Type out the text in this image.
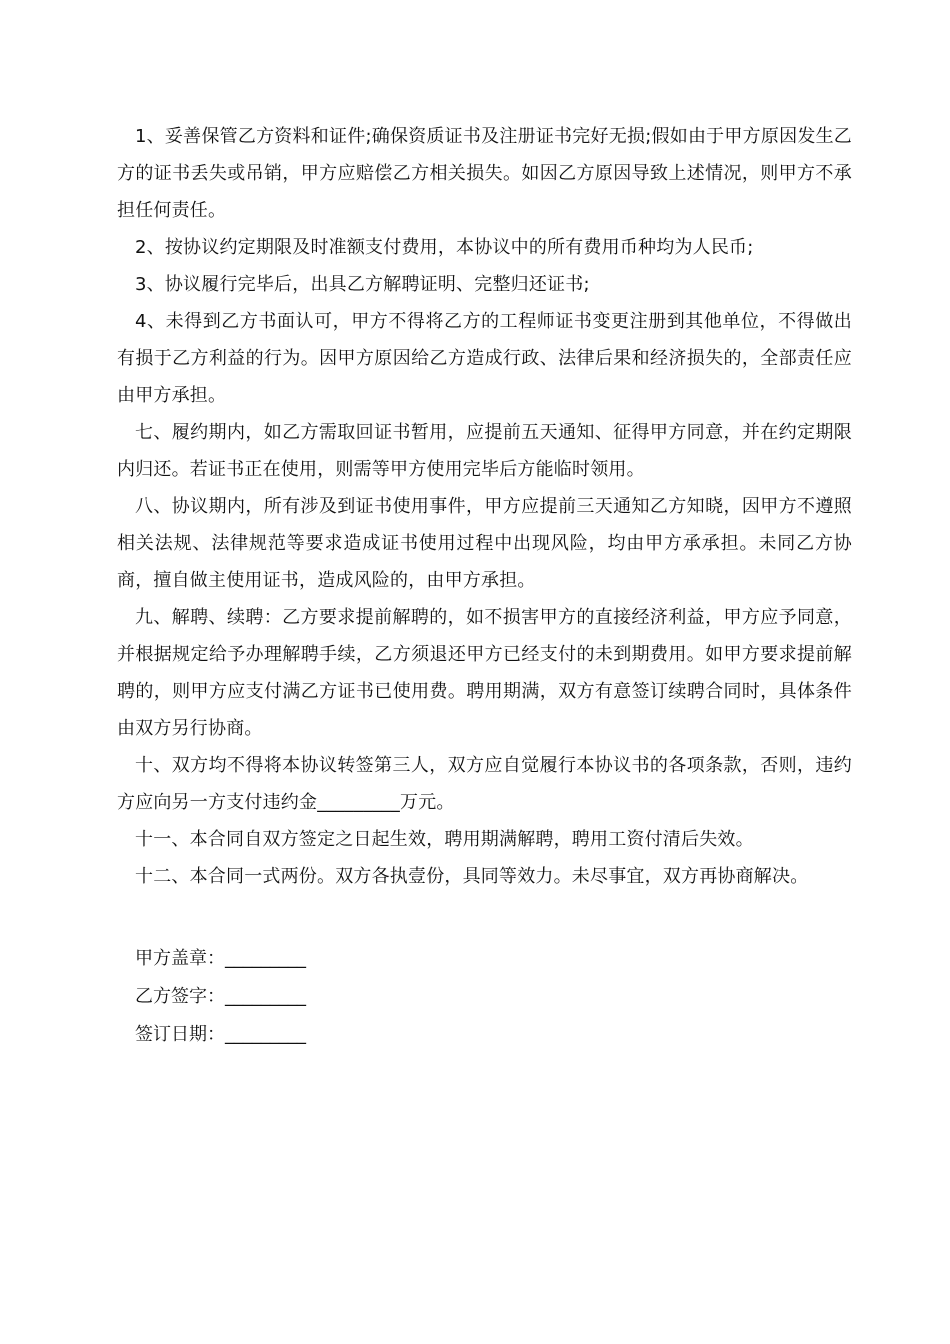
1、妥善保管乙方资料和证件;确保资质证书及注册证书完好无损;假如由于甲方原因发生乙方的证书丢失或吊销，甲方应赔偿乙方相关损失。如因乙方原因导致上述情况，则甲方不承担任何责任。

2、按协议约定期限及时准额支付费用，本协议中的所有费用币种均为人民币;

3、协议履行完毕后，出具乙方解聘证明、完整归还证书;

4、未得到乙方书面认可，甲方不得将乙方的工程师证书变更注册到其他单位，不得做出有损于乙方利益的行为。因甲方原因给乙方造成行政、法律后果和经济损失的，全部责任应由甲方承担。

七、履约期内，如乙方需取回证书暂用，应提前五天通知、征得甲方同意，并在约定期限内归还。若证书正在使用，则需等甲方使用完毕后方能临时领用。

八、协议期内，所有涉及到证书使用事件，甲方应提前三天通知乙方知晓，因甲方不遵照相关法规、法律规范等要求造成证书使用过程中出现风险，均由甲方承承担。未同乙方协商，擅自做主使用证书，造成风险的，由甲方承担。

九、解聘、续聘：乙方要求提前解聘的，如不损害甲方的直接经济利益，甲方应予同意，并根据规定给予办理解聘手续，乙方须退还甲方已经支付的未到期费用。如甲方要求提前解聘的，则甲方应支付满乙方证书已使用费。聘用期满，双方有意签订续聘合同时，具体条件由双方另行协商。

十、双方均不得将本协议转签第三人，双方应自觉履行本协议书的各项条款，否则，违约方应向另一方支付违约金_________万元。

十一、本合同自双方签定之日起生效，聘用期满解聘，聘用工资付清后失效。

十二、本合同一式两份。双方各执壹份，具同等效力。未尽事宜，双方再协商解决。

甲方盖章：_________
乙方签字：_________
签订日期：_________
